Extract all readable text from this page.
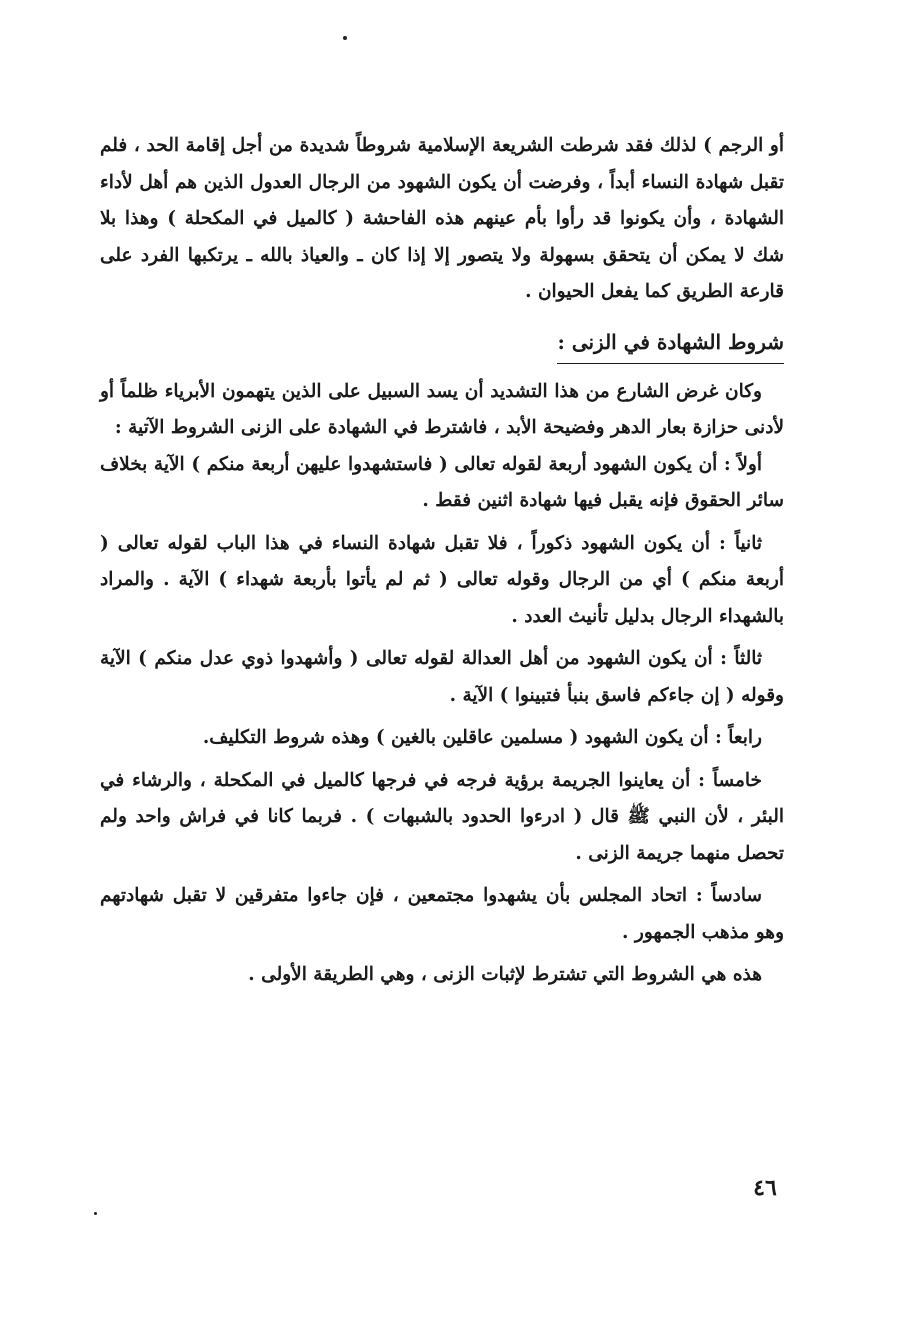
أو الرجم ) لذلك فقد شرطت الشريعة الإسلامية شروطاً شديدة من أجل إقامة الحد ، فلم تقبل شهادة النساء أبداً ، وفرضت أن يكون الشهود من الرجال العدول الذين هم أهل لأداء الشهادة ، وأن يكونوا قد رأوا بأم عينهم هذه الفاحشة ( كالميل في المكحلة ) وهذا بلا شك لا يمكن أن يتحقق بسهولة ولا يتصور إلا إذا كان ـ والعياذ بالله ـ يرتكبها الفرد على قارعة الطريق كما يفعل الحيوان .

شروط الشهادة في الزنى :

وكان غرض الشارع من هذا التشديد أن يسد السبيل على الذين يتهمون الأبرياء ظلماً أو لأدنى حزازة بعار الدهر وفضيحة الأبد ، فاشترط في الشهادة على الزنى الشروط الآتية :

أولاً : أن يكون الشهود أربعة لقوله تعالى ( فاستشهدوا عليهن أربعة منكم ) الآية بخلاف سائر الحقوق فإنه يقبل فيها شهادة اثنين فقط .

ثانياً : أن يكون الشهود ذكوراً ، فلا تقبل شهادة النساء في هذا الباب لقوله تعالى ( أربعة منكم ) أي من الرجال وقوله تعالى ( ثم لم يأتوا بأربعة شهداء ) الآية . والمراد بالشهداء الرجال بدليل تأنيث العدد .

ثالثاً : أن يكون الشهود من أهل العدالة لقوله تعالى ( وأشهدوا ذوي عدل منكم ) الآية وقوله ( إن جاءكم فاسق بنبأ فتبينوا ) الآية .

رابعاً : أن يكون الشهود ( مسلمين عاقلين بالغين ) وهذه شروط التكليف.

خامساً : أن يعاينوا الجريمة برؤية فرجه في فرجها كالميل في المكحلة ، والرشاء في البئر ، لأن النبي ﷺ قال ( ادرءوا الحدود بالشبهات ) . فربما كانا في فراش واحد ولم تحصل منهما جريمة الزنى .

سادساً : اتحاد المجلس بأن يشهدوا مجتمعين ، فإن جاءوا متفرقين لا تقبل شهادتهم وهو مذهب الجمهور .

هذه هي الشروط التي تشترط لإثبات الزنى ، وهي الطريقة الأولى .

٤٦
